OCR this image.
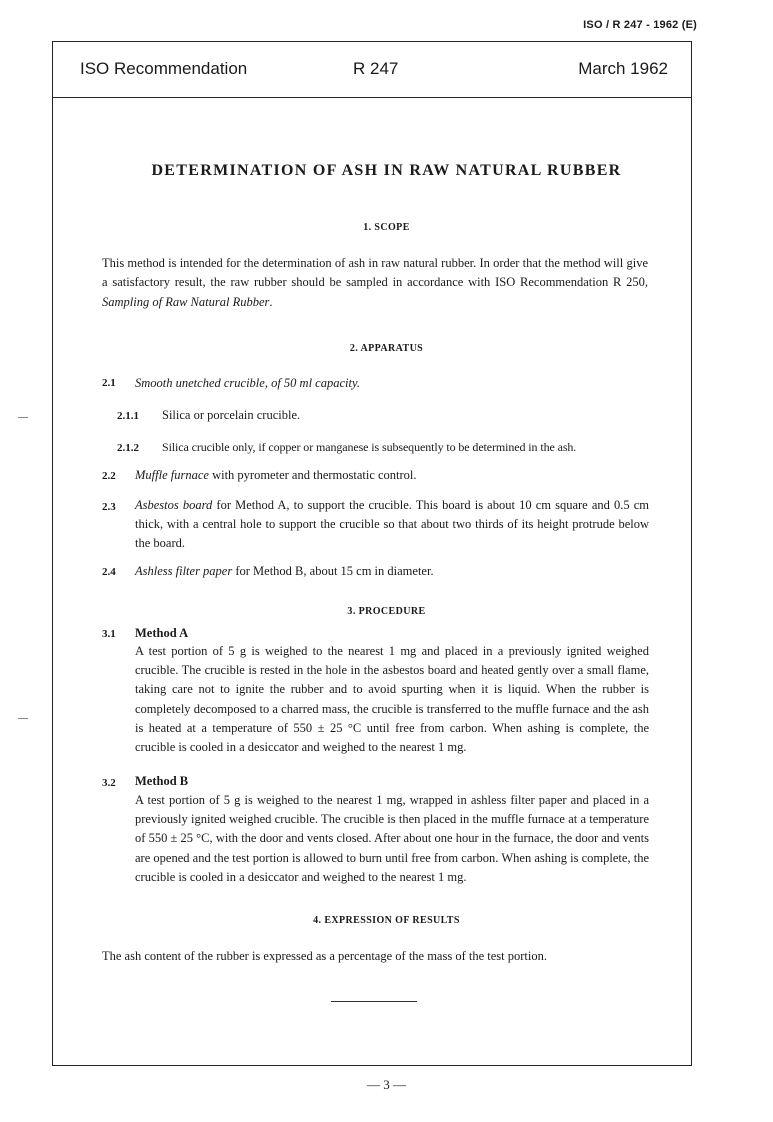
ISO / R 247 - 1962 (E)
ISO Recommendation	R 247	March 1962
DETERMINATION OF ASH IN RAW NATURAL RUBBER
1. SCOPE
This method is intended for the determination of ash in raw natural rubber. In order that the method will give a satisfactory result, the raw rubber should be sampled in accordance with ISO Recommendation R 250, Sampling of Raw Natural Rubber.
2. APPARATUS
2.1 Smooth unetched crucible, of 50 ml capacity.
2.1.1 Silica or porcelain crucible.
2.1.2 Silica crucible only, if copper or manganese is subsequently to be determined in the ash.
2.2 Muffle furnace with pyrometer and thermostatic control.
2.3 Asbestos board for Method A, to support the crucible. This board is about 10 cm square and 0.5 cm thick, with a central hole to support the crucible so that about two thirds of its height protrude below the board.
2.4 Ashless filter paper for Method B, about 15 cm in diameter.
3. PROCEDURE
3.1 Method A
A test portion of 5 g is weighed to the nearest 1 mg and placed in a previously ignited weighed crucible. The crucible is rested in the hole in the asbestos board and heated gently over a small flame, taking care not to ignite the rubber and to avoid spurting when it is liquid. When the rubber is completely decomposed to a charred mass, the crucible is transferred to the muffle furnace and the ash is heated at a temperature of 550 ± 25 °C until free from carbon. When ashing is complete, the crucible is cooled in a desiccator and weighed to the nearest 1 mg.
3.2 Method B
A test portion of 5 g is weighed to the nearest 1 mg, wrapped in ashless filter paper and placed in a previously ignited weighed crucible. The crucible is then placed in the muffle furnace at a temperature of 550 ± 25 °C, with the door and vents closed. After about one hour in the furnace, the door and vents are opened and the test portion is allowed to burn until free from carbon. When ashing is complete, the crucible is cooled in a desiccator and weighed to the nearest 1 mg.
4. EXPRESSION OF RESULTS
The ash content of the rubber is expressed as a percentage of the mass of the test portion.
— 3 —
